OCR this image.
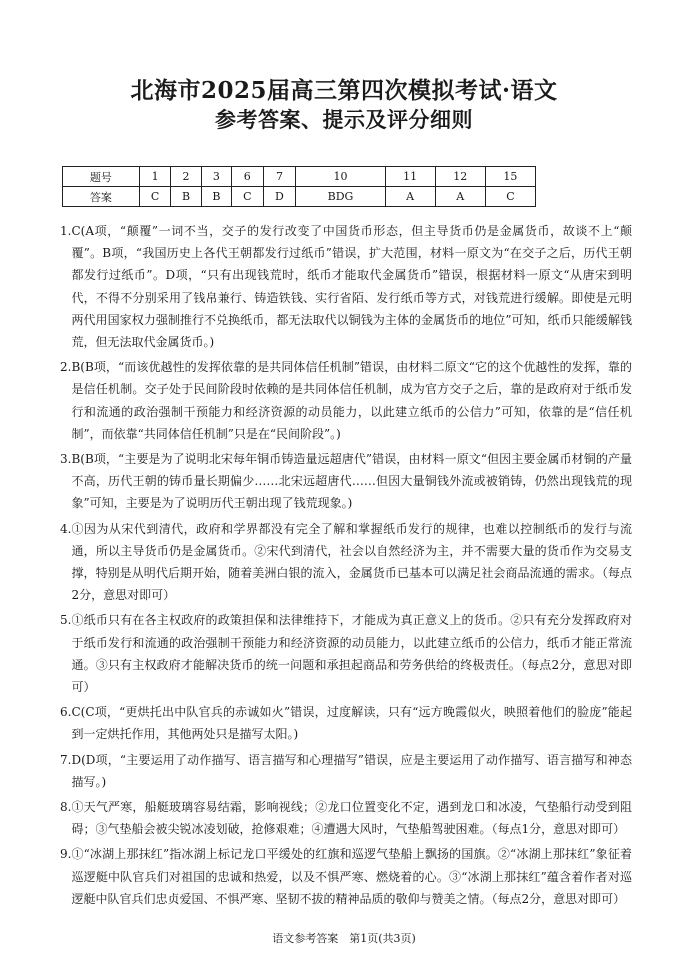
北海市2025届高三第四次模拟考试·语文
参考答案、提示及评分细则
题号	1	2	3	6	7	10	11	12	15
答案	C	B	B	C	D	BDG	A	A	C
1. C(A项，“颠覆”一词不当，交子的发行改变了中国货币形态，但主导货币仍是金属货币，故谈不上“颠覆”。B项，“我国历史上各代王朝都发行过纸币”错误，扩大范围，材料一原文为“在交子之后，历代王朝都发行过纸币”。D项，“只有出现钱荒时，纸币才能取代金属货币”错误，根据材料一原文“从唐宋到明代，不得不分别采用了钱帛兼行、铸造铁钱、实行省陌、发行纸币等方式，对钱荒进行缓解。即使是元明两代用国家权力强制推行不兑换纸币，都无法取代以铜钱为主体的金属货币的地位”可知，纸币只能缓解钱荒，但无法取代金属货币。)
2. B(B项，“而该优越性的发挥依靠的是共同体信任机制”错误，由材料二原文“它的这个优越性的发挥，靠的是信任机制。交子处于民间阶段时依赖的是共同体信任机制，成为官方交子之后，靠的是政府对于纸币发行和流通的政治强制干预能力和经济资源的动员能力，以此建立纸币的公信力”可知，依靠的是“信任机制”，而依靠“共同体信任机制”只是在“民间阶段”。)
3. B(B项，“主要是为了说明北宋每年铜币铸造量远超唐代”错误，由材料一原文“但因主要金属币材铜的产量不高，历代王朝的铸币量长期偏少……北宋远超唐代……但因大量铜钱外流或被销铸，仍然出现钱荒的现象”可知，主要是为了说明历代王朝出现了钱荒现象。)
4. ①因为从宋代到清代，政府和学界都没有完全了解和掌握纸币发行的规律，也难以控制纸币的发行与流通，所以主导货币仍是金属货币。②宋代到清代，社会以自然经济为主，并不需要大量的货币作为交易支撑，特别是从明代后期开始，随着美洲白银的流入，金属货币已基本可以满足社会商品流通的需求。（每点2分，意思对即可）
5. ①纸币只有在各主权政府的政策担保和法律维持下，才能成为真正意义上的货币。②只有充分发挥政府对于纸币发行和流通的政治强制干预能力和经济资源的动员能力，以此建立纸币的公信力，纸币才能正常流通。③只有主权政府才能解决货币的统一问题和承担起商品和劳务供给的终极责任。（每点2分，意思对即可）
6. C(C项，“更烘托出中队官兵的赤诚如火”错误，过度解读，只有“远方晚霞似火，映照着他们的脸庞”能起到一定烘托作用，其他两处只是描写太阳。)
7. D(D项，“主要运用了动作描写、语言描写和心理描写”错误，应是主要运用了动作描写、语言描写和神态描写。)
8. ①天气严寒，船艇玻璃容易结霜，影响视线；②龙口位置变化不定，遇到龙口和冰凌，气垫船行动受到阻碍；③气垫船会被尖锐冰凌划破，抢修艰难；④遭遇大风时，气垫船驾驶困难。（每点1分，意思对即可）
9. ①“冰湖上那抹红”指冰湖上标记龙口平缓处的红旗和巡逻气垫船上飘扬的国旗。②“冰湖上那抹红”象征着巡逻艇中队官兵们对祖国的忠诚和热爱，以及不惧严寒、燃烧着的心。③“冰湖上那抹红”蕴含着作者对巡逻艇中队官兵们忠贞爱国、不惧严寒、坚韧不拔的精神品质的敬仰与赞美之情。（每点2分，意思对即可）
语文参考答案　第1页(共3页)
